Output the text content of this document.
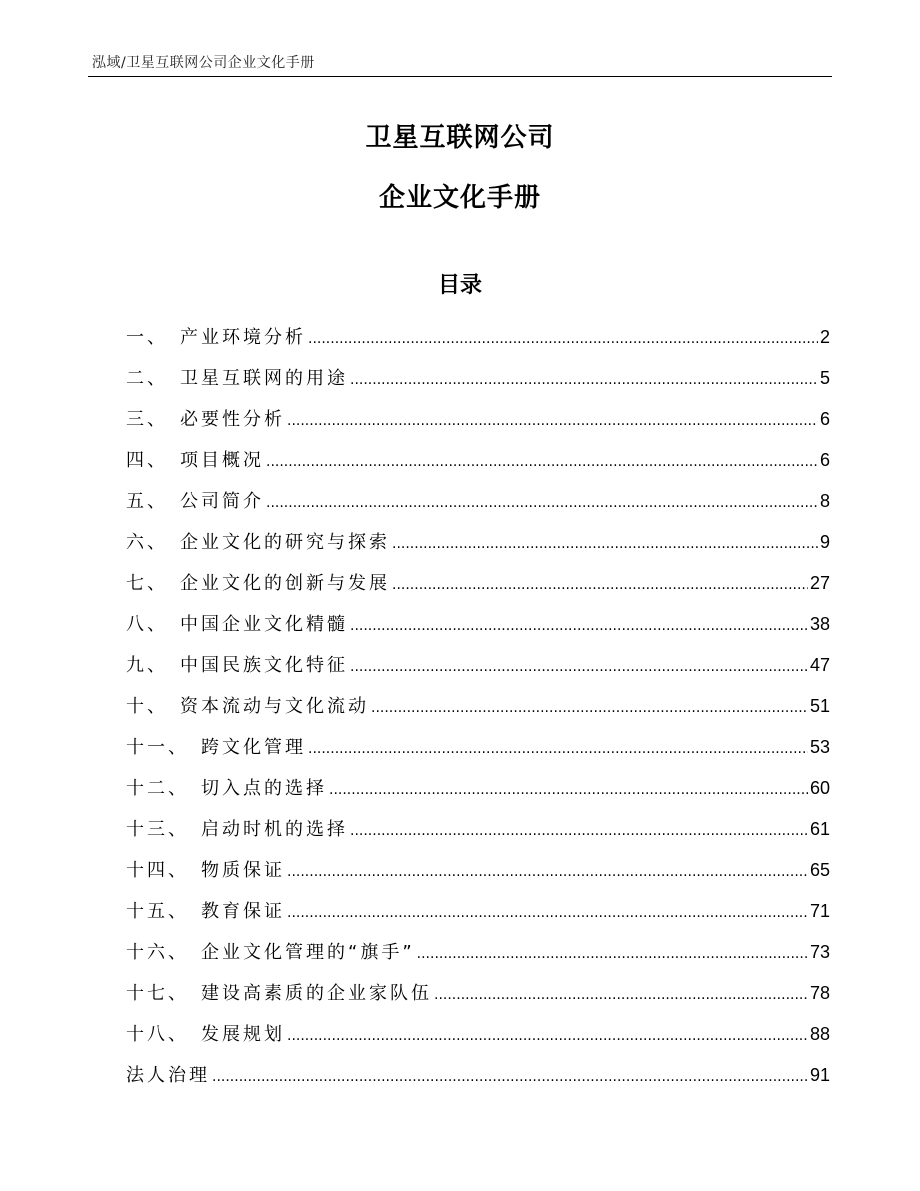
泓域/卫星互联网公司企业文化手册
卫星互联网公司
企业文化手册
目录
一、 产业环境分析 .....	2
二、 卫星互联网的用途 .....	5
三、 必要性分析 .....	6
四、 项目概况 .....	6
五、 公司简介 .....	8
六、 企业文化的研究与探索 .....	9
七、 企业文化的创新与发展 .....	27
八、 中国企业文化精髓 .....	38
九、 中国民族文化特征 .....	47
十、 资本流动与文化流动 .....	51
十一、 跨文化管理 .....	53
十二、 切入点的选择 .....	60
十三、 启动时机的选择 .....	61
十四、 物质保证 .....	65
十五、 教育保证 .....	71
十六、 企业文化管理的“旗手” .....	73
十七、 建设高素质的企业家队伍 .....	78
十八、 发展规划 .....	88
法人治理 .....	91
